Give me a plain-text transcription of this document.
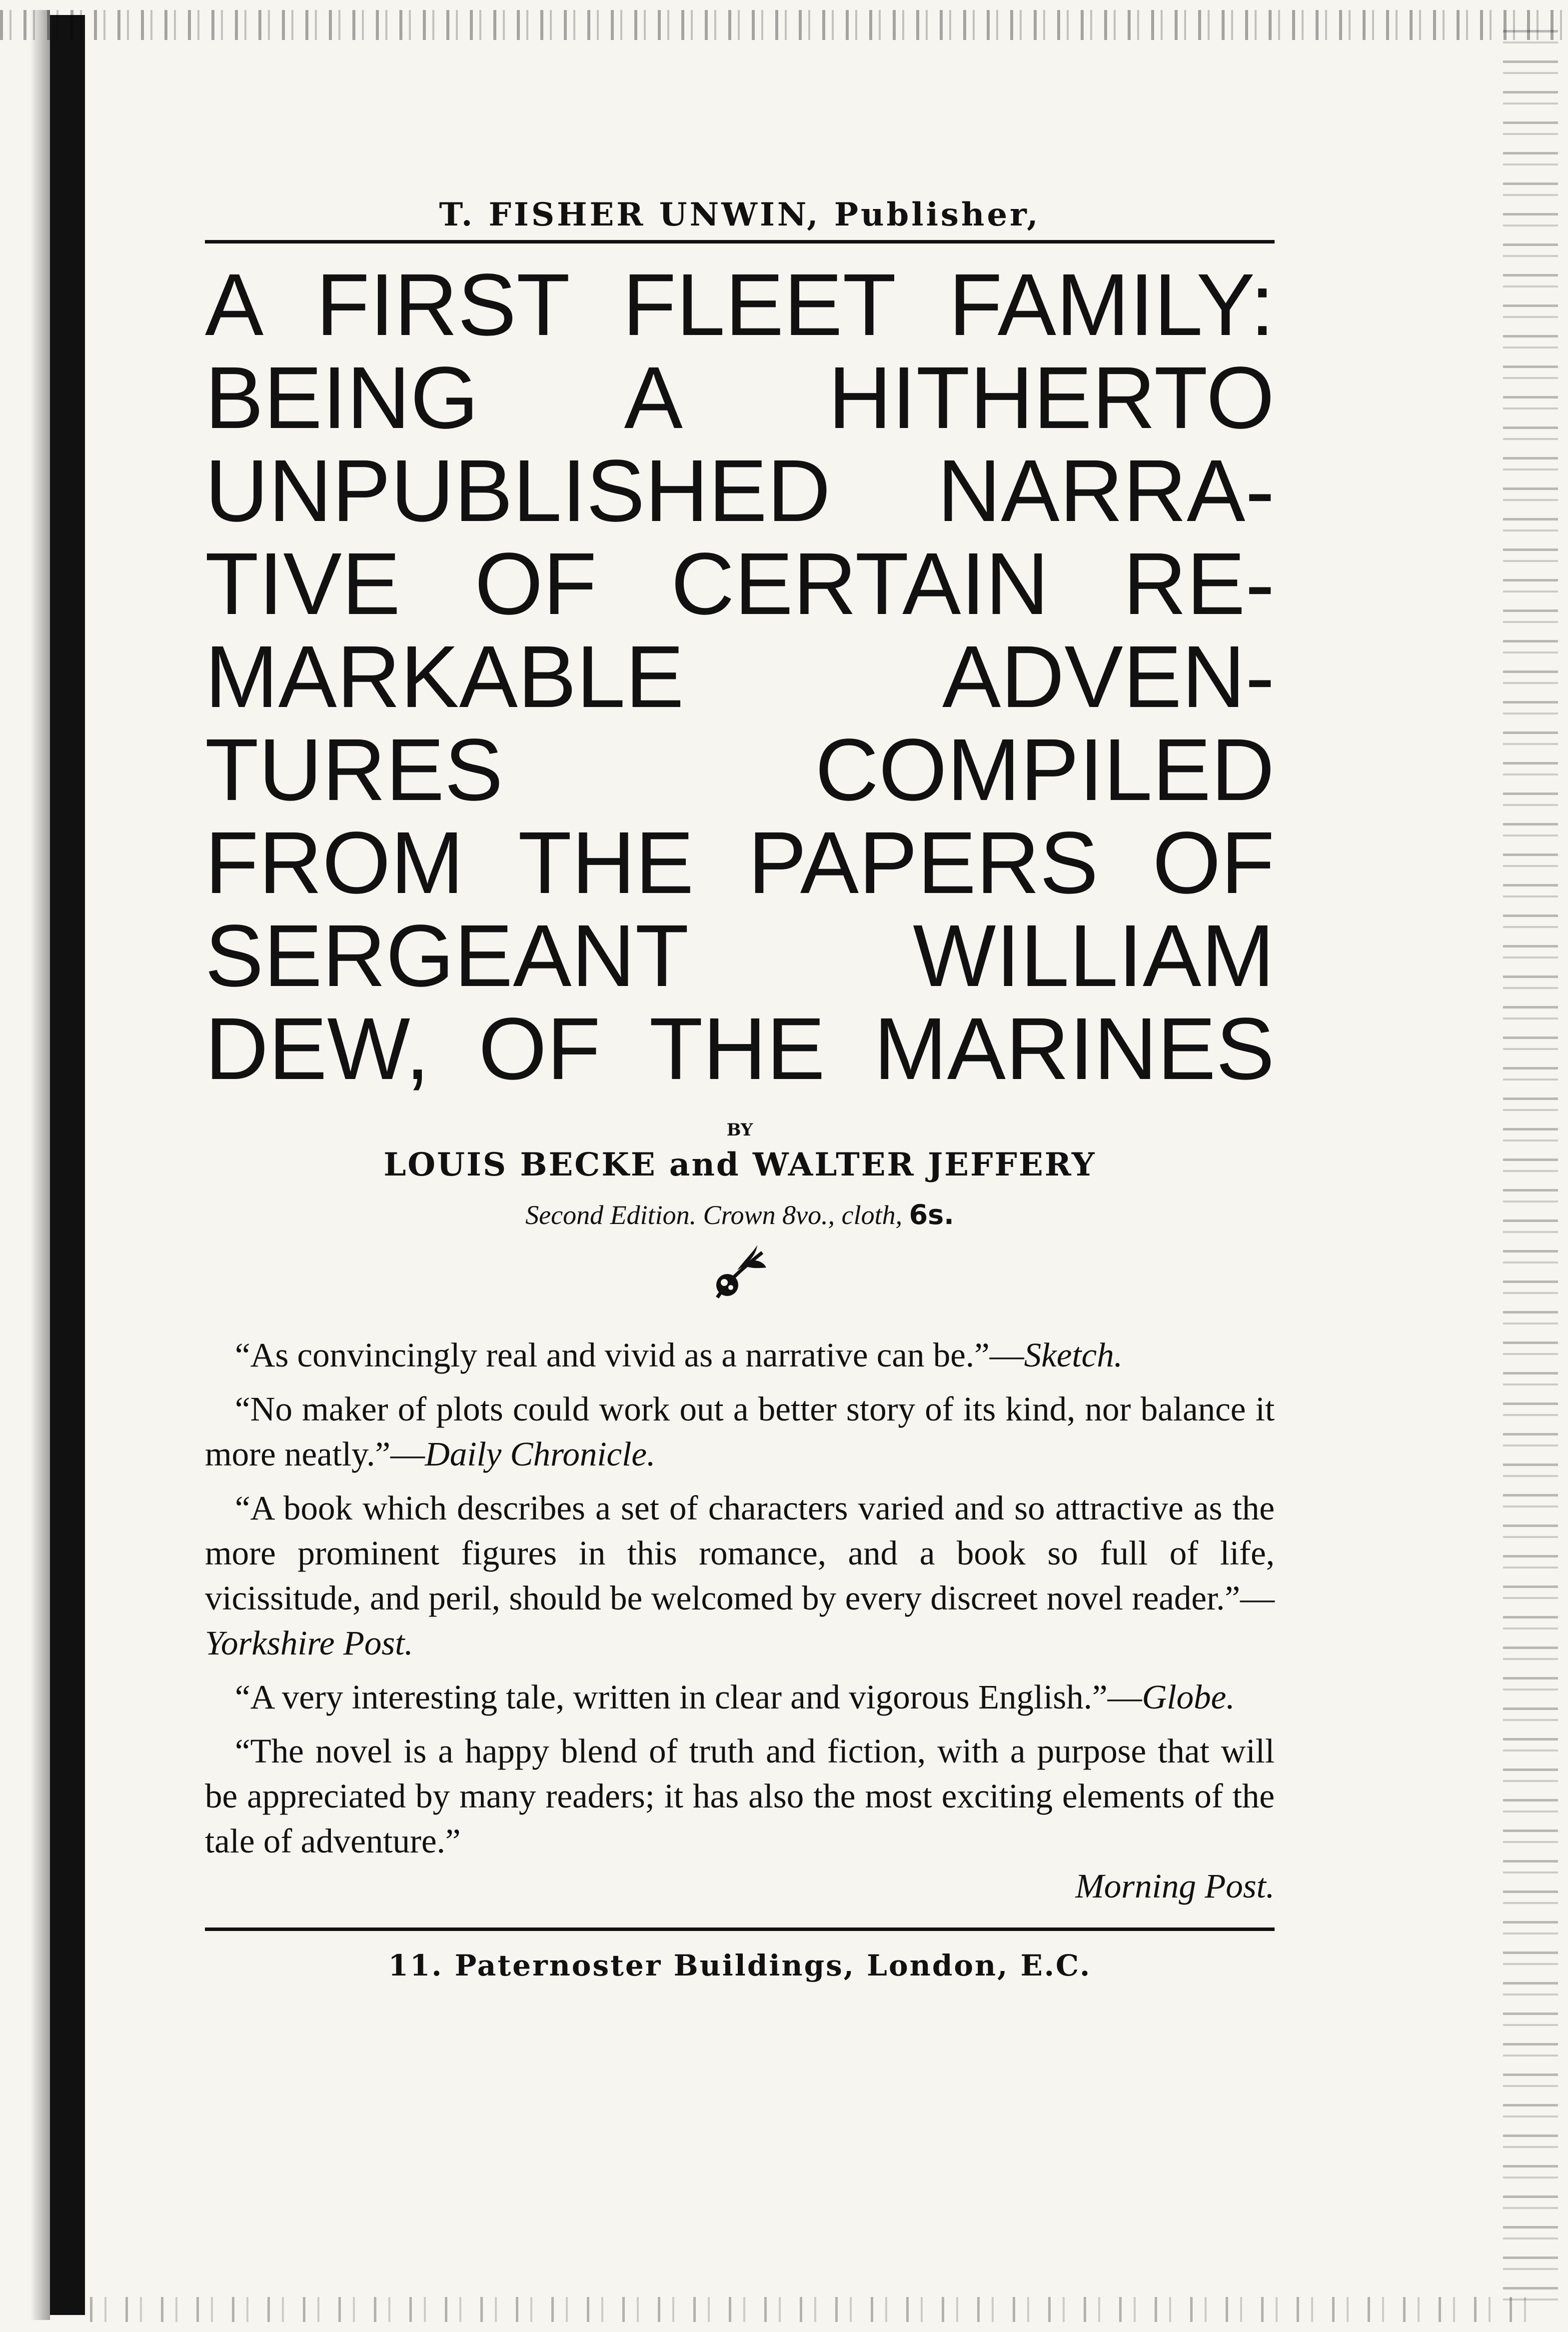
T. FISHER UNWIN, Publisher,
A FIRST FLEET FAMILY:
BEING A HITHERTO
UNPUBLISHED NARRA-
TIVE OF CERTAIN RE-
MARKABLE	ADVEN-
TURES	COMPILED
FROM THE PAPERS OF
SERGEANT	WILLIAM
DEW, OF THE MARINES
BY
LOUIS BECKE and WALTER JEFFERY
Second Edition. Crown 8vo., cloth, 6s.

“As convincingly real and vivid as a narrative can be.”—Sketch.

“No maker of plots could work out a better story of its kind, nor balance it more neatly.”—Daily Chronicle.

“A book which describes a set of characters varied and so attractive as the more prominent figures in this romance, and a book so full of life, vicissitude, and peril, should be welcomed by every discreet novel reader.”—Yorkshire Post.

“A very interesting tale, written in clear and vigorous English.”—Globe.

“The novel is a happy blend of truth and fiction, with a purpose that will be appreciated by many readers; it has also the most exciting elements of the tale of adventure.”
Morning Post.

11. Paternoster Buildings, London, E.C.
